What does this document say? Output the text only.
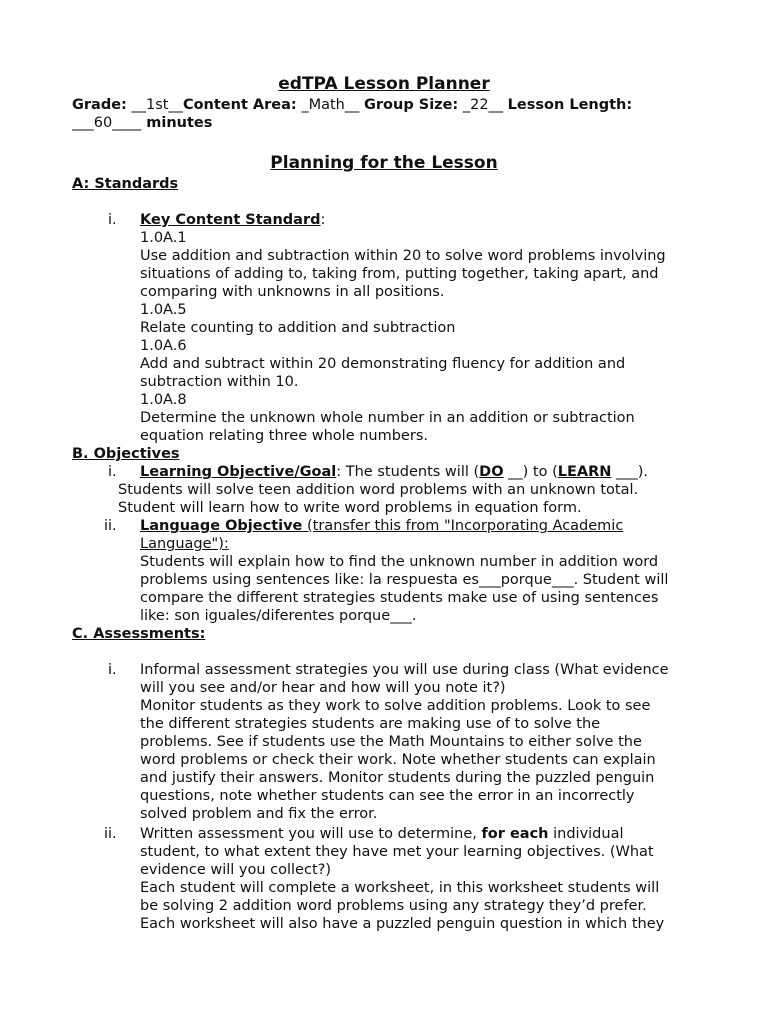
edTPA Lesson Planner
Grade: __1st__Content Area: _Math__ Group Size: _22__ Lesson Length:
___60____ minutes
Planning for the Lesson
A: Standards
i. Key Content Standard:
1.0A.1
Use addition and subtraction within 20 to solve word problems involving
situations of adding to, taking from, putting together, taking apart, and
comparing with unknowns in all positions.
1.0A.5
Relate counting to addition and subtraction
1.0A.6
Add and subtract within 20 demonstrating fluency for addition and
subtraction within 10.
1.0A.8
Determine the unknown whole number in an addition or subtraction
equation relating three whole numbers.
B. Objectives
i. Learning Objective/Goal: The students will (DO __) to (LEARN ___).
Students will solve teen addition word problems with an unknown total.
Student will learn how to write word problems in equation form.
ii. Language Objective (transfer this from "Incorporating Academic
Language"):
Students will explain how to find the unknown number in addition word
problems using sentences like: la respuesta es___porque___. Student will
compare the different strategies students make use of using sentences
like: son iguales/diferentes porque___.
C. Assessments:
i. Informal assessment strategies you will use during class (What evidence
will you see and/or hear and how will you note it?)
Monitor students as they work to solve addition problems. Look to see
the different strategies students are making use of to solve the
problems. See if students use the Math Mountains to either solve the
word problems or check their work. Note whether students can explain
and justify their answers. Monitor students during the puzzled penguin
questions, note whether students can see the error in an incorrectly
solved problem and fix the error.
ii. Written assessment you will use to determine, for each individual
student, to what extent they have met your learning objectives. (What
evidence will you collect?)
Each student will complete a worksheet, in this worksheet students will
be solving 2 addition word problems using any strategy they’d prefer.
Each worksheet will also have a puzzled penguin question in which they
